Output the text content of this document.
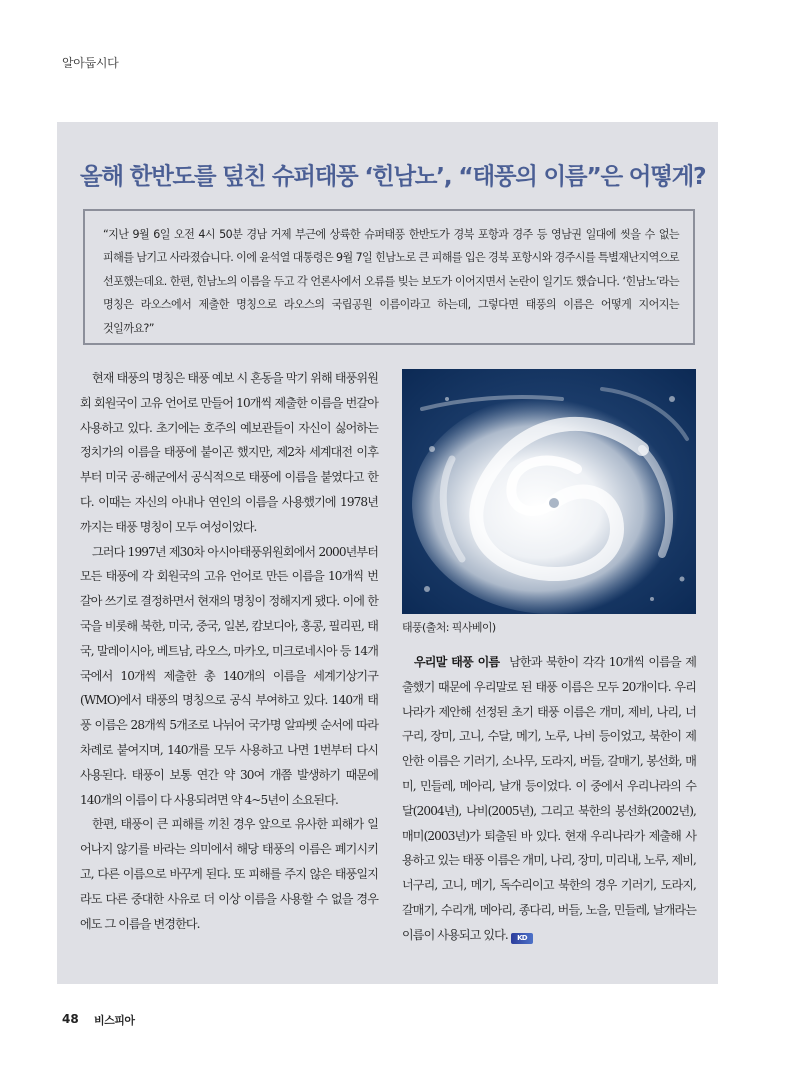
알아둡시다
올해 한반도를 덮친 슈퍼태풍 ‘힌남노’, “태풍의 이름”은 어떻게?
“지난 9월 6일 오전 4시 50분 경남 거제 부근에 상륙한 슈퍼태풍 한반도가 경북 포항과 경주 등 영남권 일대에 씻을 수 없는 피해를 남기고 사라졌습니다. 이에 윤석열 대통령은 9월 7일 힌남노로 큰 피해를 입은 경북 포항시와 경주시를 특별재난지역으로 선포했는데요. 한편, 힌남노의 이름을 두고 각 언론사에서 오류를 빚는 보도가 이어지면서 논란이 일기도 했습니다. ‘힌남노’라는 명칭은 라오스에서 제출한 명칭으로 라오스의 국립공원 이름이라고 하는데, 그렇다면 태풍의 이름은 어떻게 지어지는 것일까요?”

현재 태풍의 명칭은 태풍 예보 시 혼동을 막기 위해 태풍위원회 회원국이 고유 언어로 만들어 10개씩 제출한 이름을 번갈아 사용하고 있다. 초기에는 호주의 예보관들이 자신이 싫어하는 정치가의 이름을 태풍에 붙이곤 했지만, 제2차 세계대전 이후부터 미국 공·해군에서 공식적으로 태풍에 이름을 붙였다고 한다. 이때는 자신의 아내나 연인의 이름을 사용했기에 1978년까지는 태풍 명칭이 모두 여성이었다.

그러다 1997년 제30차 아시아태풍위원회에서 2000년부터 모든 태풍에 각 회원국의 고유 언어로 만든 이름을 10개씩 번갈아 쓰기로 결정하면서 현재의 명칭이 정해지게 됐다. 이에 한국을 비롯해 북한, 미국, 중국, 일본, 캄보디아, 홍콩, 필리핀, 태국, 말레이시아, 베트남, 라오스, 마카오, 미크로네시아 등 14개국에서 10개씩 제출한 총 140개의 이름을 세계기상기구(WMO)에서 태풍의 명칭으로 공식 부여하고 있다. 140개 태풍 이름은 28개씩 5개조로 나뉘어 국가명 알파벳 순서에 따라 차례로 붙여지며, 140개를 모두 사용하고 나면 1번부터 다시 사용된다. 태풍이 보통 연간 약 30여 개쯤 발생하기 때문에 140개의 이름이 다 사용되려면 약 4~5년이 소요된다.

한편, 태풍이 큰 피해를 끼친 경우 앞으로 유사한 피해가 일어나지 않기를 바라는 의미에서 해당 태풍의 이름은 폐기시키고, 다른 이름으로 바꾸게 된다. 또 피해를 주지 않은 태풍일지라도 다른 중대한 사유로 더 이상 이름을 사용할 수 없을 경우에도 그 이름을 변경한다.

태풍(출처: 픽사베이)

우리말 태풍 이름 남한과 북한이 각각 10개씩 이름을 제출했기 때문에 우리말로 된 태풍 이름은 모두 20개이다. 우리나라가 제안해 선정된 초기 태풍 이름은 개미, 제비, 나리, 너구리, 장미, 고니, 수달, 메기, 노루, 나비 등이었고, 북한이 제안한 이름은 기러기, 소나무, 도라지, 버들, 갈매기, 봉선화, 매미, 민들레, 메아리, 날개 등이었다. 이 중에서 우리나라의 수달(2004년), 나비(2005년), 그리고 북한의 봉선화(2002년), 매미(2003년)가 퇴출된 바 있다. 현재 우리나라가 제출해 사용하고 있는 태풍 이름은 개미, 나리, 장미, 미리내, 노루, 제비, 너구리, 고니, 메기, 독수리이고 북한의 경우 기러기, 도라지, 갈매기, 수리개, 메아리, 종다리, 버들, 노을, 민들레, 날개라는 이름이 사용되고 있다. KD

48 비스피아
